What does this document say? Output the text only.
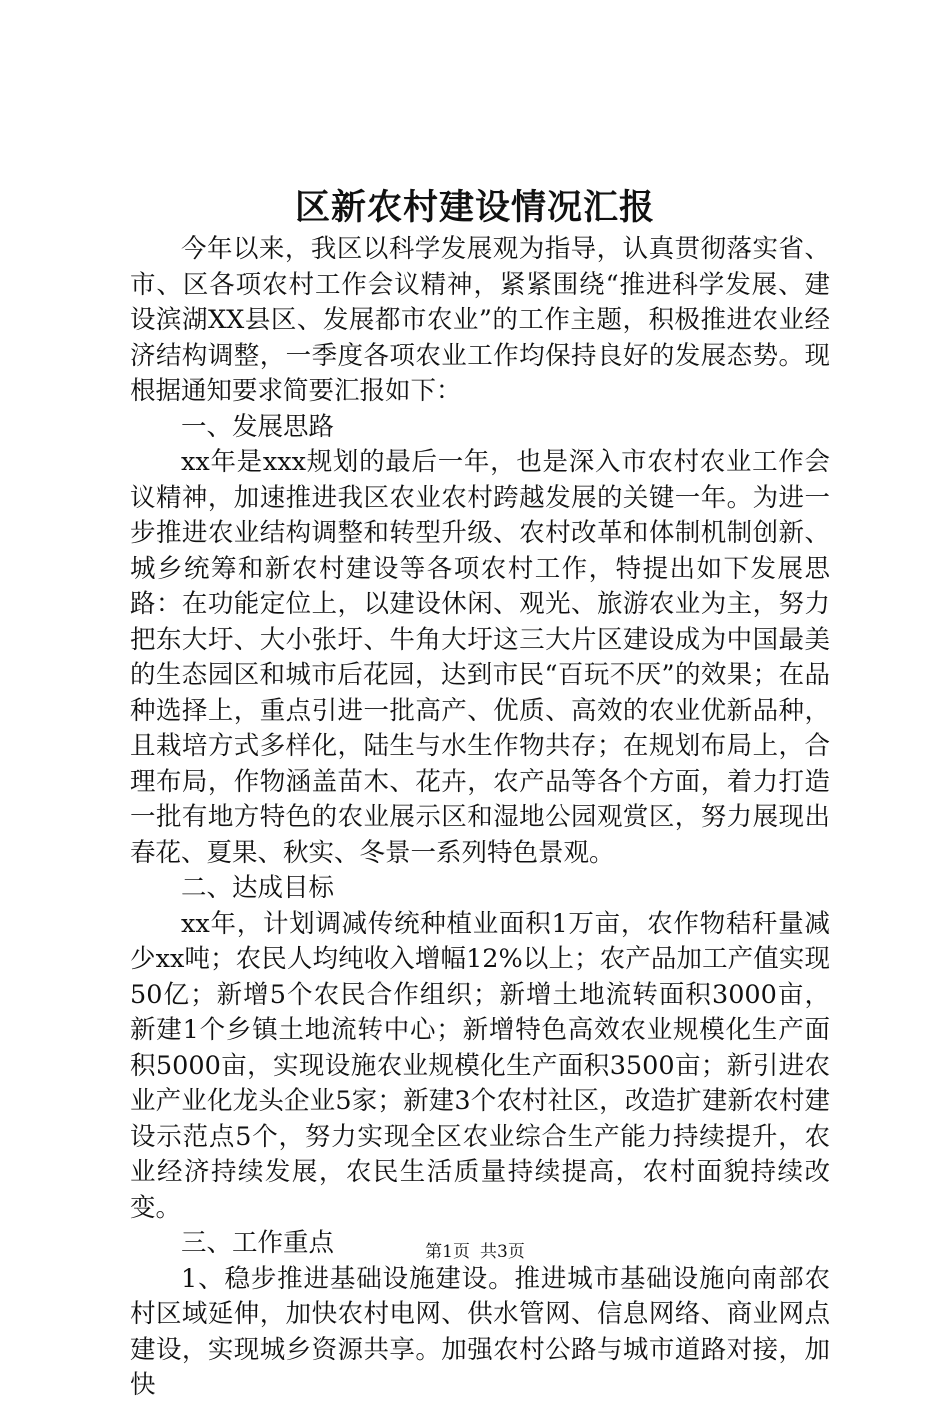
区新农村建设情况汇报

今年以来，我区以科学发展观为指导，认真贯彻落实省、市、区各项农村工作会议精神，紧紧围绕“推进科学发展、建设滨湖XX县区、发展都市农业”的工作主题，积极推进农业经济结构调整，一季度各项农业工作均保持良好的发展态势。现根据通知要求简要汇报如下：

一、发展思路

xx年是xxx规划的最后一年，也是深入市农村农业工作会议精神，加速推进我区农业农村跨越发展的关键一年。为进一步推进农业结构调整和转型升级、农村改革和体制机制创新、城乡统筹和新农村建设等各项农村工作，特提出如下发展思路：在功能定位上，以建设休闲、观光、旅游农业为主，努力把东大圩、大小张圩、牛角大圩这三大片区建设成为中国最美的生态园区和城市后花园，达到市民“百玩不厌”的效果；在品种选择上，重点引进一批高产、优质、高效的农业优新品种，且栽培方式多样化，陆生与水生作物共存；在规划布局上，合理布局，作物涵盖苗木、花卉，农产品等各个方面，着力打造一批有地方特色的农业展示区和湿地公园观赏区，努力展现出春花、夏果、秋实、冬景一系列特色景观。

二、达成目标

xx年，计划调减传统种植业面积1万亩，农作物秸秆量减少xx吨；农民人均纯收入增幅12%以上；农产品加工产值实现50亿；新增5个农民合作组织；新增土地流转面积3000亩，新建1个乡镇土地流转中心；新增特色高效农业规模化生产面积5000亩，实现设施农业规模化生产面积3500亩；新引进农业产业化龙头企业5家；新建3个农村社区，改造扩建新农村建设示范点5个，努力实现全区农业综合生产能力持续提升，农业经济持续发展，农民生活质量持续提高，农村面貌持续改变。

三、工作重点

1、稳步推进基础设施建设。推进城市基础设施向南部农村区域延伸，加快农村电网、供水管网、信息网络、商业网点建设，实现城乡资源共享。加强农村公路与城市道路对接，加快

第1页 共3页
